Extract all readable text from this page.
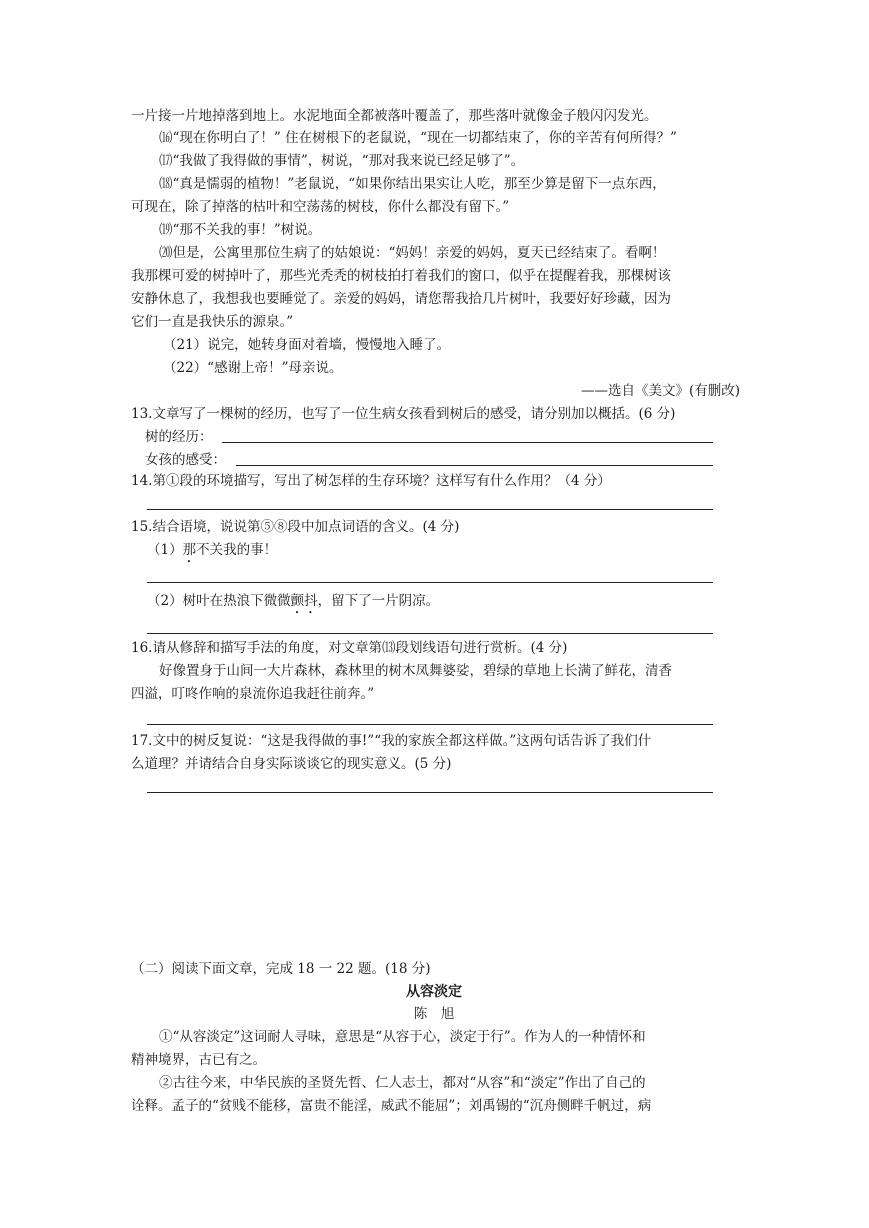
一片接一片地掉落到地上。水泥地面全都被落叶覆盖了，那些落叶就像金子般闪闪发光。
⒃“现在你明白了！” 住在树根下的老鼠说，“现在一切都结束了，你的辛苦有何所得？”
⒄“我做了我得做的事情”，树说，“那对我来说已经足够了”。
⒅“真是懦弱的植物！”老鼠说，“如果你结出果实让人吃，那至少算是留下一点东西，
可现在，除了掉落的枯叶和空荡荡的树枝，你什么都没有留下。”
⒆“那不关我的事！”树说。
⒇但是，公寓里那位生病了的姑娘说：“妈妈！亲爱的妈妈，夏天已经结束了。看啊！
我那棵可爱的树掉叶了，那些光秃秃的树枝拍打着我们的窗口，似乎在提醒着我，那棵树该
安静休息了，我想我也要睡觉了。亲爱的妈妈，请您帮我拾几片树叶，我要好好珍藏，因为
它们一直是我快乐的源泉。”
（21）说完，她转身面对着墙，慢慢地入睡了。
（22）“感谢上帝！”母亲说。
——选自《美文》(有删改)
13.文章写了一棵树的经历，也写了一位生病女孩看到树后的感受，请分别加以概括。(6 分)
树的经历：
女孩的感受：
14.第①段的环境描写，写出了树怎样的生存环境？这样写有什么作用？（4 分）
15.结合语境，说说第⑤⑧段中加点词语的含义。(4 分)
（1）那不关我的事！
（2）树叶在热浪下微微颤抖，留下了一片阴凉。
16.请从修辞和描写手法的角度，对文章第⒀段划线语句进行赏析。(4 分)
好像置身于山间一大片森林，森林里的树木凤舞婆娑，碧绿的草地上长满了鲜花，清香
四溢，叮咚作响的泉流你追我赶往前奔。”
17.文中的树反复说：“这是我得做的事!”“我的家族全都这样做。”这两句话告诉了我们什
么道理？并请结合自身实际谈谈它的现实意义。(5 分)
（二）阅读下面文章，完成 18 一 22 题。(18 分)
从容淡定
陈　旭
①“从容淡定”这词耐人寻味，意思是“从容于心，淡定于行”。作为人的一种情怀和
精神境界，古已有之。
②古往今来，中华民族的圣贤先哲、仁人志士，都对“从容”和“淡定”作出了自己的
诠释。孟子的“贫贱不能移，富贵不能淫，威武不能屈”；刘禹锡的“沉舟侧畔千帆过，病
